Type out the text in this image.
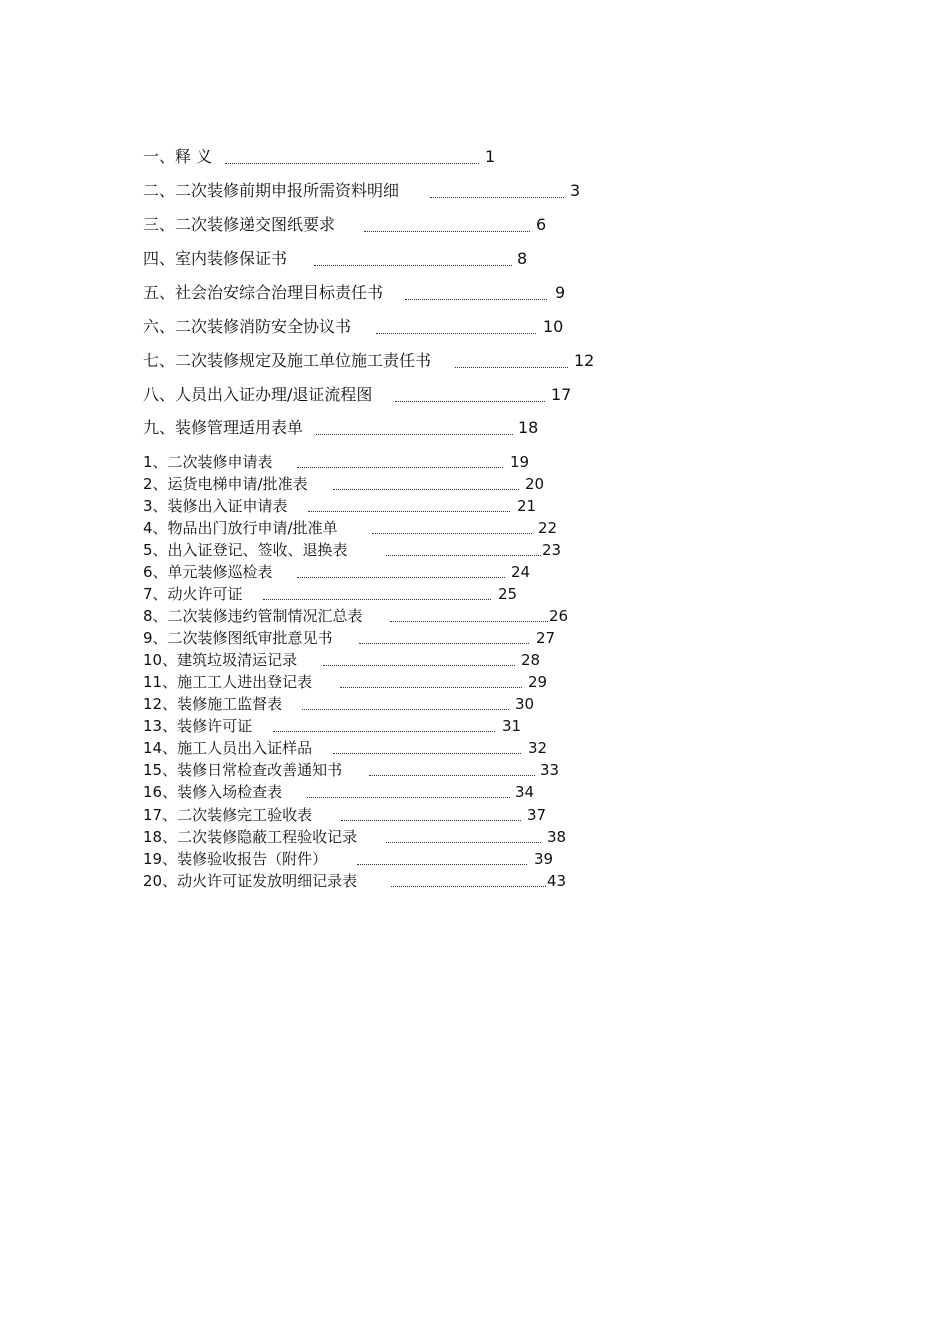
一、释 义	1
二、二次装修前期申报所需资料明细	3
三、二次装修递交图纸要求	6
四、室内装修保证书	8
五、社会治安综合治理目标责任书	9
六、二次装修消防安全协议书	10
七、二次装修规定及施工单位施工责任书	12
八、人员出入证办理/退证流程图	17
九、装修管理适用表单	18
1、二次装修申请表	19
2、运货电梯申请/批准表	20
3、装修出入证申请表	21
4、物品出门放行申请/批准单	22
5、出入证登记、签收、退换表	23
6、单元装修巡检表	24
7、动火许可证	25
8、二次装修违约管制情况汇总表	26
9、二次装修图纸审批意见书	27
10、建筑垃圾清运记录	28
11、施工工人进出登记表	29
12、装修施工监督表	30
13、装修许可证	31
14、施工人员出入证样品	32
15、装修日常检查改善通知书	33
16、装修入场检查表	34
17、二次装修完工验收表	37
18、二次装修隐蔽工程验收记录	38
19、装修验收报告（附件）	39
20、动火许可证发放明细记录表	43
